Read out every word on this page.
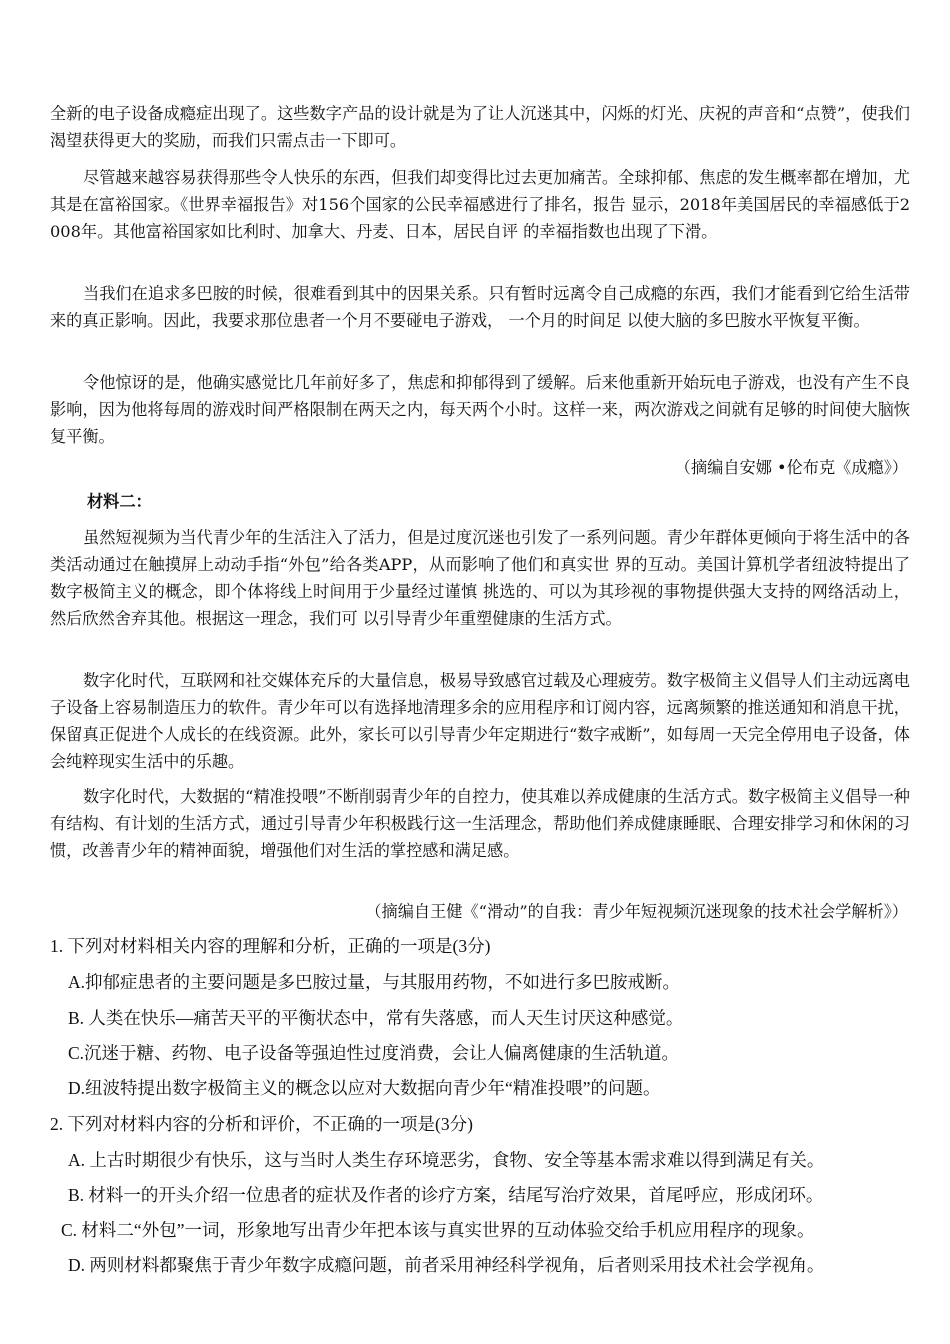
全新的电子设备成瘾症出现了。这些数字产品的设计就是为了让人沉迷其中，闪烁的灯光、庆祝的声音和“点赞”，使我们渴望获得更大的奖励，而我们只需点击一下即可。
尽管越来越容易获得那些令人快乐的东西，但我们却变得比过去更加痛苦。全球抑郁、焦虑的发生概率都在增加，尤其是在富裕国家。《世界幸福报告》对156个国家的公民幸福感进行了排名，报告 显示，2018年美国居民的幸福感低于2008年。其他富裕国家如比利时、加拿大、丹麦、日本，居民自评 的幸福指数也出现了下滑。
当我们在追求多巴胺的时候，很难看到其中的因果关系。只有暂时远离令自己成瘾的东西，我们才能看到它给生活带来的真正影响。因此，我要求那位患者一个月不要碰电子游戏， 一个月的时间足 以使大脑的多巴胺水平恢复平衡。
令他惊讶的是，他确实感觉比几年前好多了，焦虑和抑郁得到了缓解。后来他重新开始玩电子游戏，也没有产生不良影响，因为他将每周的游戏时间严格限制在两天之内，每天两个小时。这样一来，两次游戏之间就有足够的时间使大脑恢复平衡。
（摘编自安娜 •伦布克《成瘾》）
材料二：
虽然短视频为当代青少年的生活注入了活力，但是过度沉迷也引发了一系列问题。青少年群体更倾向于将生活中的各类活动通过在触摸屏上动动手指“外包”给各类APP，从而影响了他们和真实世 界的互动。美国计算机学者纽波特提出了数字极简主义的概念，即个体将线上时间用于少量经过谨慎 挑选的、可以为其珍视的事物提供强大支持的网络活动上，然后欣然舍弃其他。根据这一理念，我们可 以引导青少年重塑健康的生活方式。
数字化时代，互联网和社交媒体充斥的大量信息，极易导致感官过载及心理疲劳。数字极简主义倡导人们主动远离电子设备上容易制造压力的软件。青少年可以有选择地清理多余的应用程序和订阅内容，远离频繁的推送通知和消息干扰，保留真正促进个人成长的在线资源。此外，家长可以引导青少年定期进行“数字戒断”，如每周一天完全停用电子设备，体会纯粹现实生活中的乐趣。
数字化时代，大数据的“精准投喂”不断削弱青少年的自控力，使其难以养成健康的生活方式。数字极简主义倡导一种有结构、有计划的生活方式，通过引导青少年积极践行这一生活理念，帮助他们养成健康睡眠、合理安排学习和休闲的习惯，改善青少年的精神面貌，增强他们对生活的掌控感和满足感。
（摘编自王健《“滑动”的自我：青少年短视频沉迷现象的技术社会学解析》）
1. 下列对材料相关内容的理解和分析，正确的一项是(3分)
A.抑郁症患者的主要问题是多巴胺过量，与其服用药物，不如进行多巴胺戒断。
B. 人类在快乐—痛苦天平的平衡状态中，常有失落感，而人天生讨厌这种感觉。
C.沉迷于糖、药物、电子设备等强迫性过度消费，会让人偏离健康的生活轨道。
D.纽波特提出数字极简主义的概念以应对大数据向青少年“精准投喂”的问题。
2. 下列对材料内容的分析和评价，不正确的一项是(3分)
A. 上古时期很少有快乐，这与当时人类生存环境恶劣，食物、安全等基本需求难以得到满足有关。
B. 材料一的开头介绍一位患者的症状及作者的诊疗方案，结尾写治疗效果，首尾呼应，形成闭环。
C. 材料二“外包”一词，形象地写出青少年把本该与真实世界的互动体验交给手机应用程序的现象。
D. 两则材料都聚焦于青少年数字成瘾问题，前者采用神经科学视角，后者则采用技术社会学视角。
